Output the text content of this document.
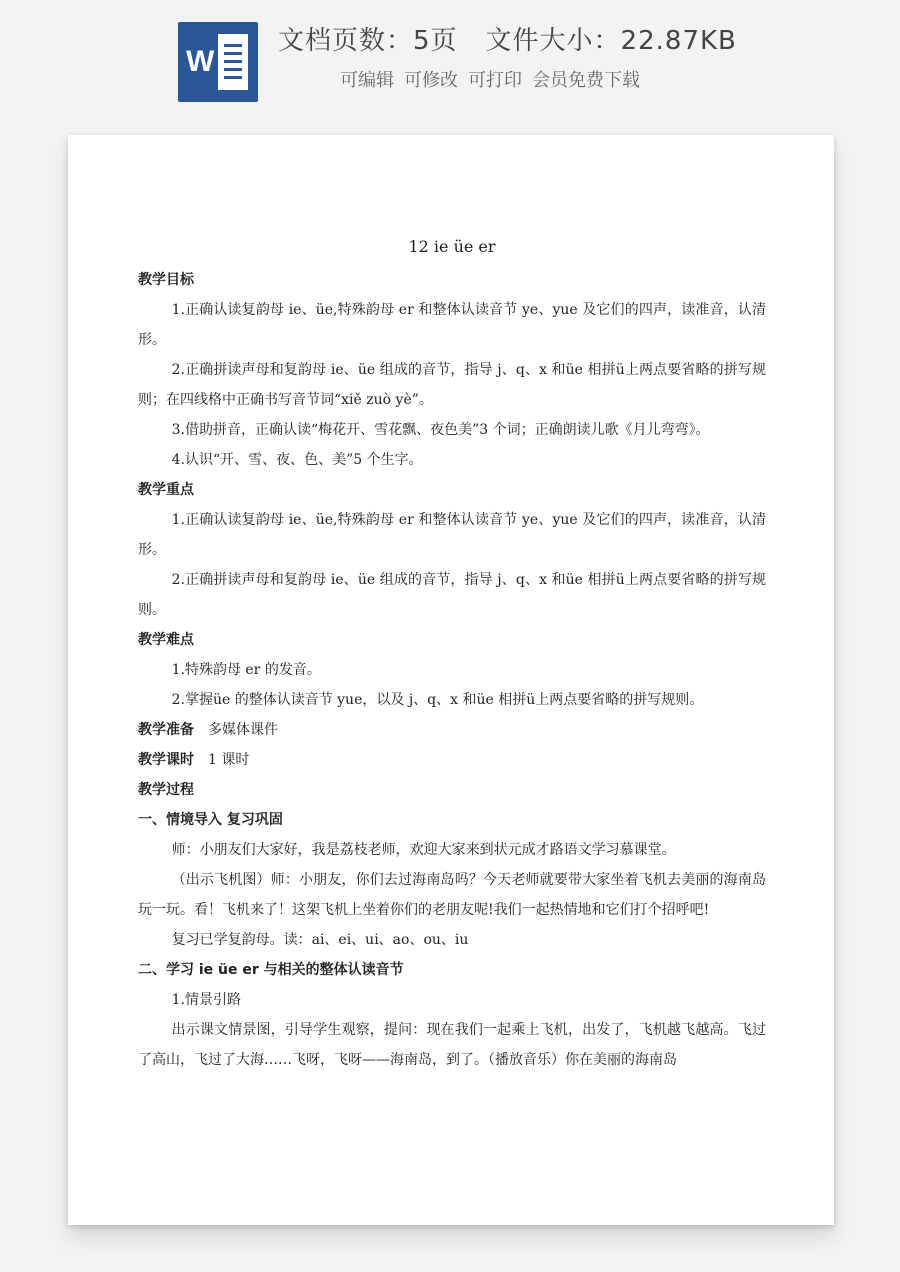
W
文档页数：5页 文件大小：22.87KB
可编辑 可修改 可打印 会员免费下载
12 ie üe er
教学目标

1.正确认读复韵母 ie、üe,特殊韵母 er 和整体认读音节 ye、yue 及它们的四声，读准音，认清形。

2.正确拼读声母和复韵母 ie、üe 组成的音节，指导 j、q、x 和üe 相拼ü上两点要省略的拼写规则；在四线格中正确书写音节词“xiě zuò yè”。

3.借助拼音，正确认读“梅花开、雪花飘、夜色美”3 个词；正确朗读儿歌《月儿弯弯》。

4.认识“开、雪、夜、色、美”5 个生字。

教学重点

1.正确认读复韵母 ie、üe,特殊韵母 er 和整体认读音节 ye、yue 及它们的四声，读准音，认清形。

2.正确拼读声母和复韵母 ie、üe 组成的音节，指导 j、q、x 和üe 相拼ü上两点要省略的拼写规则。

教学难点

1.特殊韵母 er 的发音。

2.掌握üe 的整体认读音节 yue，以及 j、q、x 和üe 相拼ü上两点要省略的拼写规则。

教学准备 多媒体课件
教学课时 1 课时
教学过程
一、情境导入 复习巩固

师：小朋友们大家好，我是荔枝老师，欢迎大家来到状元成才路语文学习慕课堂。

（出示飞机图）师：小朋友，你们去过海南岛吗？今天老师就要带大家坐着飞机去美丽的海南岛玩一玩。看！飞机来了！这架飞机上坐着你们的老朋友呢!我们一起热情地和它们打个招呼吧!

复习已学复韵母。读：ai、ei、ui、ao、ou、iu

二、学习 ie üe er 与相关的整体认读音节

1.情景引路

出示课文情景图，引导学生观察，提问：现在我们一起乘上飞机，出发了，飞机越飞越高。飞过了高山，飞过了大海……飞呀，飞呀——海南岛，到了。（播放音乐）你在美丽的海南岛
